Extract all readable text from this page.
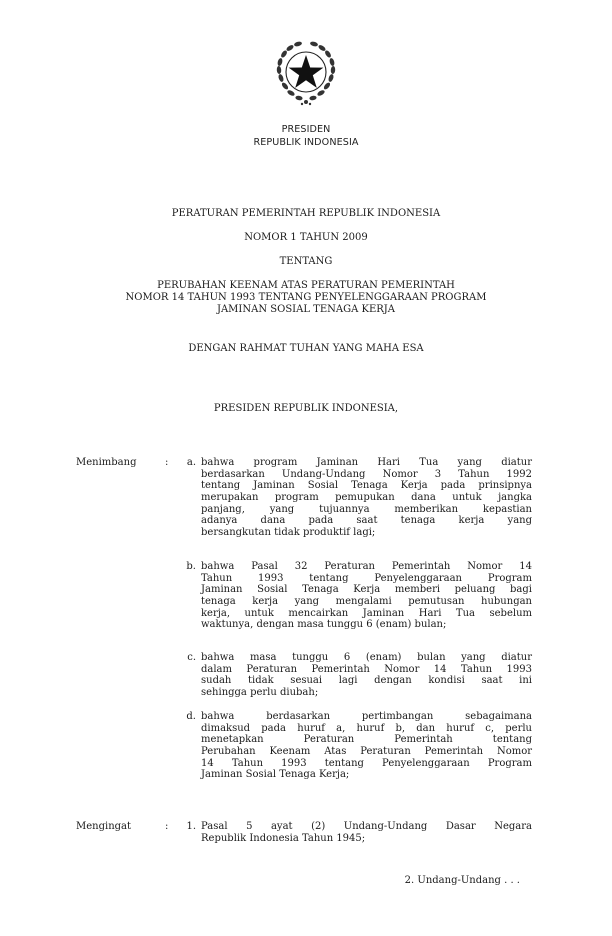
PRESIDEN
REPUBLIK INDONESIA
PERATURAN PEMERINTAH REPUBLIK INDONESIA
NOMOR 1 TAHUN 2009
TENTANG
PERUBAHAN KEENAM ATAS PERATURAN PEMERINTAH
NOMOR 14 TAHUN 1993 TENTANG PENYELENGGARAAN PROGRAM
JAMINAN SOSIAL TENAGA KERJA
DENGAN RAHMAT TUHAN YANG MAHA ESA
PRESIDEN REPUBLIK INDONESIA,
Menimbang	:	a. bahwa program Jaminan Hari Tua yang diatur
berdasarkan Undang-Undang Nomor 3 Tahun 1992
tentang Jaminan Sosial Tenaga Kerja pada prinsipnya
merupakan program pemupukan dana untuk jangka
panjang, yang tujuannya memberikan kepastian
adanya dana pada saat tenaga kerja yang
bersangkutan tidak produktif lagi;
b. bahwa Pasal 32 Peraturan Pemerintah Nomor 14
Tahun 1993 tentang Penyelenggaraan Program
Jaminan Sosial Tenaga Kerja memberi peluang bagi
tenaga kerja yang mengalami pemutusan hubungan
kerja, untuk mencairkan Jaminan Hari Tua sebelum
waktunya, dengan masa tunggu 6 (enam) bulan;
c. bahwa masa tunggu 6 (enam) bulan yang diatur
dalam Peraturan Pemerintah Nomor 14 Tahun 1993
sudah tidak sesuai lagi dengan kondisi saat ini
sehingga perlu diubah;
d. bahwa berdasarkan pertimbangan sebagaimana
dimaksud pada huruf a, huruf b, dan huruf c, perlu
menetapkan Peraturan Pemerintah tentang
Perubahan Keenam Atas Peraturan Pemerintah Nomor
14 Tahun 1993 tentang Penyelenggaraan Program
Jaminan Sosial Tenaga Kerja;
Mengingat	:	1. Pasal 5 ayat (2) Undang-Undang Dasar Negara
Republik Indonesia Tahun 1945;
2. Undang-Undang . . .
